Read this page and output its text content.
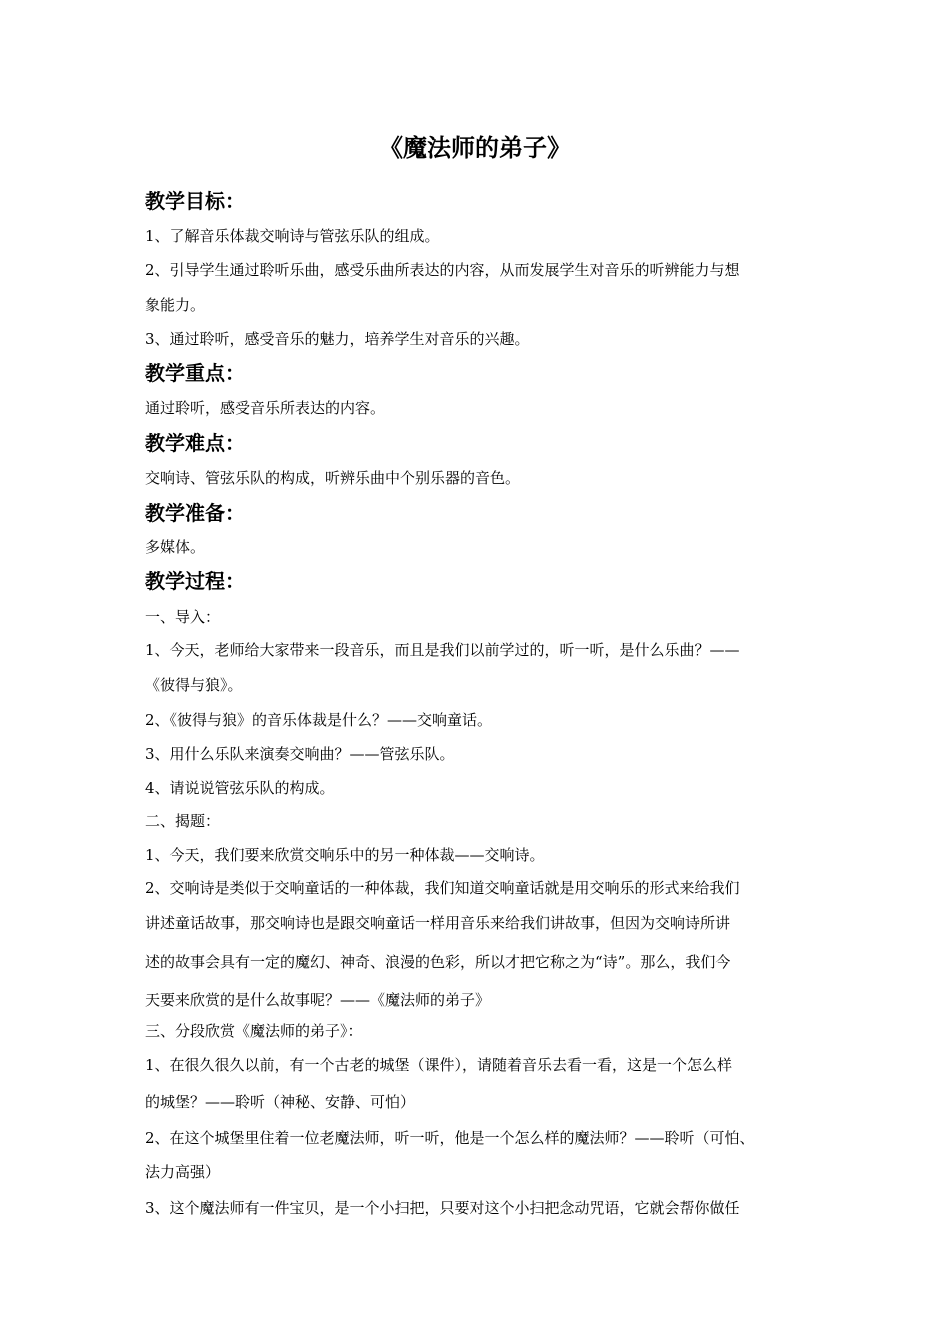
《魔法师的弟子》
教学目标：
1、了解音乐体裁交响诗与管弦乐队的组成。
2、引导学生通过聆听乐曲，感受乐曲所表达的内容，从而发展学生对音乐的听辨能力与想
象能力。
3、通过聆听，感受音乐的魅力，培养学生对音乐的兴趣。
教学重点：
通过聆听，感受音乐所表达的内容。
教学难点：
交响诗、管弦乐队的构成，听辨乐曲中个别乐器的音色。
教学准备：
多媒体。
教学过程：
一、导入：
1、今天，老师给大家带来一段音乐，而且是我们以前学过的，听一听，是什么乐曲？——
《彼得与狼》。
2、《彼得与狼》的音乐体裁是什么？——交响童话。
3、用什么乐队来演奏交响曲？——管弦乐队。
4、请说说管弦乐队的构成。
二、揭题：
1、今天，我们要来欣赏交响乐中的另一种体裁——交响诗。
2、交响诗是类似于交响童话的一种体裁，我们知道交响童话就是用交响乐的形式来给我们
讲述童话故事，那交响诗也是跟交响童话一样用音乐来给我们讲故事，但因为交响诗所讲
述的故事会具有一定的魔幻、神奇、浪漫的色彩，所以才把它称之为“诗”。那么，我们今
天要来欣赏的是什么故事呢？——《魔法师的弟子》
三、分段欣赏《魔法师的弟子》：
1、在很久很久以前，有一个古老的城堡（课件），请随着音乐去看一看，这是一个怎么样
的城堡？——聆听（神秘、安静、可怕）
2、在这个城堡里住着一位老魔法师，听一听，他是一个怎么样的魔法师？——聆听（可怕、
法力高强）
3、这个魔法师有一件宝贝，是一个小扫把，只要对这个小扫把念动咒语，它就会帮你做任
